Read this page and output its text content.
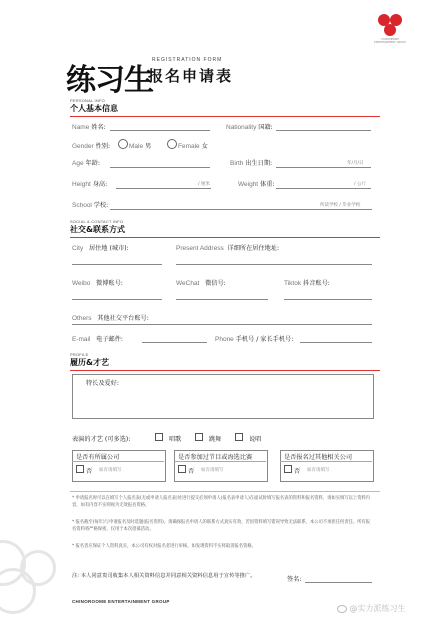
CHIXOMEPINE ENTERTAINMENT GROUP
练习生
REGISTRATION FORM
报名申请表
PERSONAL INFO
个人基本信息
Name 姓名:	Nationality 国籍:
Gender 性别:	Male 男	Female 女
Age 年龄:	Birth 出生日期:	年/月/日
Height 身高:	/ 厘米	Weight 体重:	/ 公斤
School 学校:	所读学校 / 毕业学校
SOCIAL & CONTACT INFO
社交&联系方式
City 居住地 (城市):	Present Address 详细所在居住地址:
Weibo 微博账号:	WeChat 微信号:	Tiktok 抖音账号:
Others 其他社交平台账号:
E-mail 电子邮件:	Phone 手机号 / 家长手机号:
PROFILE
履历&才艺
特长及爱好:
表演的才艺 (可多选):	唱歌	跳舞	说唱
是否有所属公司
否 如有请填写
是否参加过节目或海选比赛
否 如有请填写
是否报名过其他相关公司
否 如有请填写
* 申请报名时可以在填写个人报名表(无或申请人报名表)处进行提交必须申请人(报名表申请人)在面试时填写报名表的资料和报名资料，请如实填写以上资料内容，如有内容不实则视为无效报名资格。
* 报名截至(每年)与申请报名及时选题(报名资料)。请确保报名申请人的联系方式真实有效，若因资料填写错误导致无法联系，本公司不承担任何责任。所有报名资料将严格保密，仅用于本次招募活动。
* 报名者应保证个人资料真实，本公司有权对报名者进行审核，如发现资料不实将取消报名资格。
注: 本人同意贵司收集本人相关资料信息并同意相关资料信息用于宣传等推广。	签名:
CHINOROOME ENTERTAINMENT GROUP
@实力派练习生
